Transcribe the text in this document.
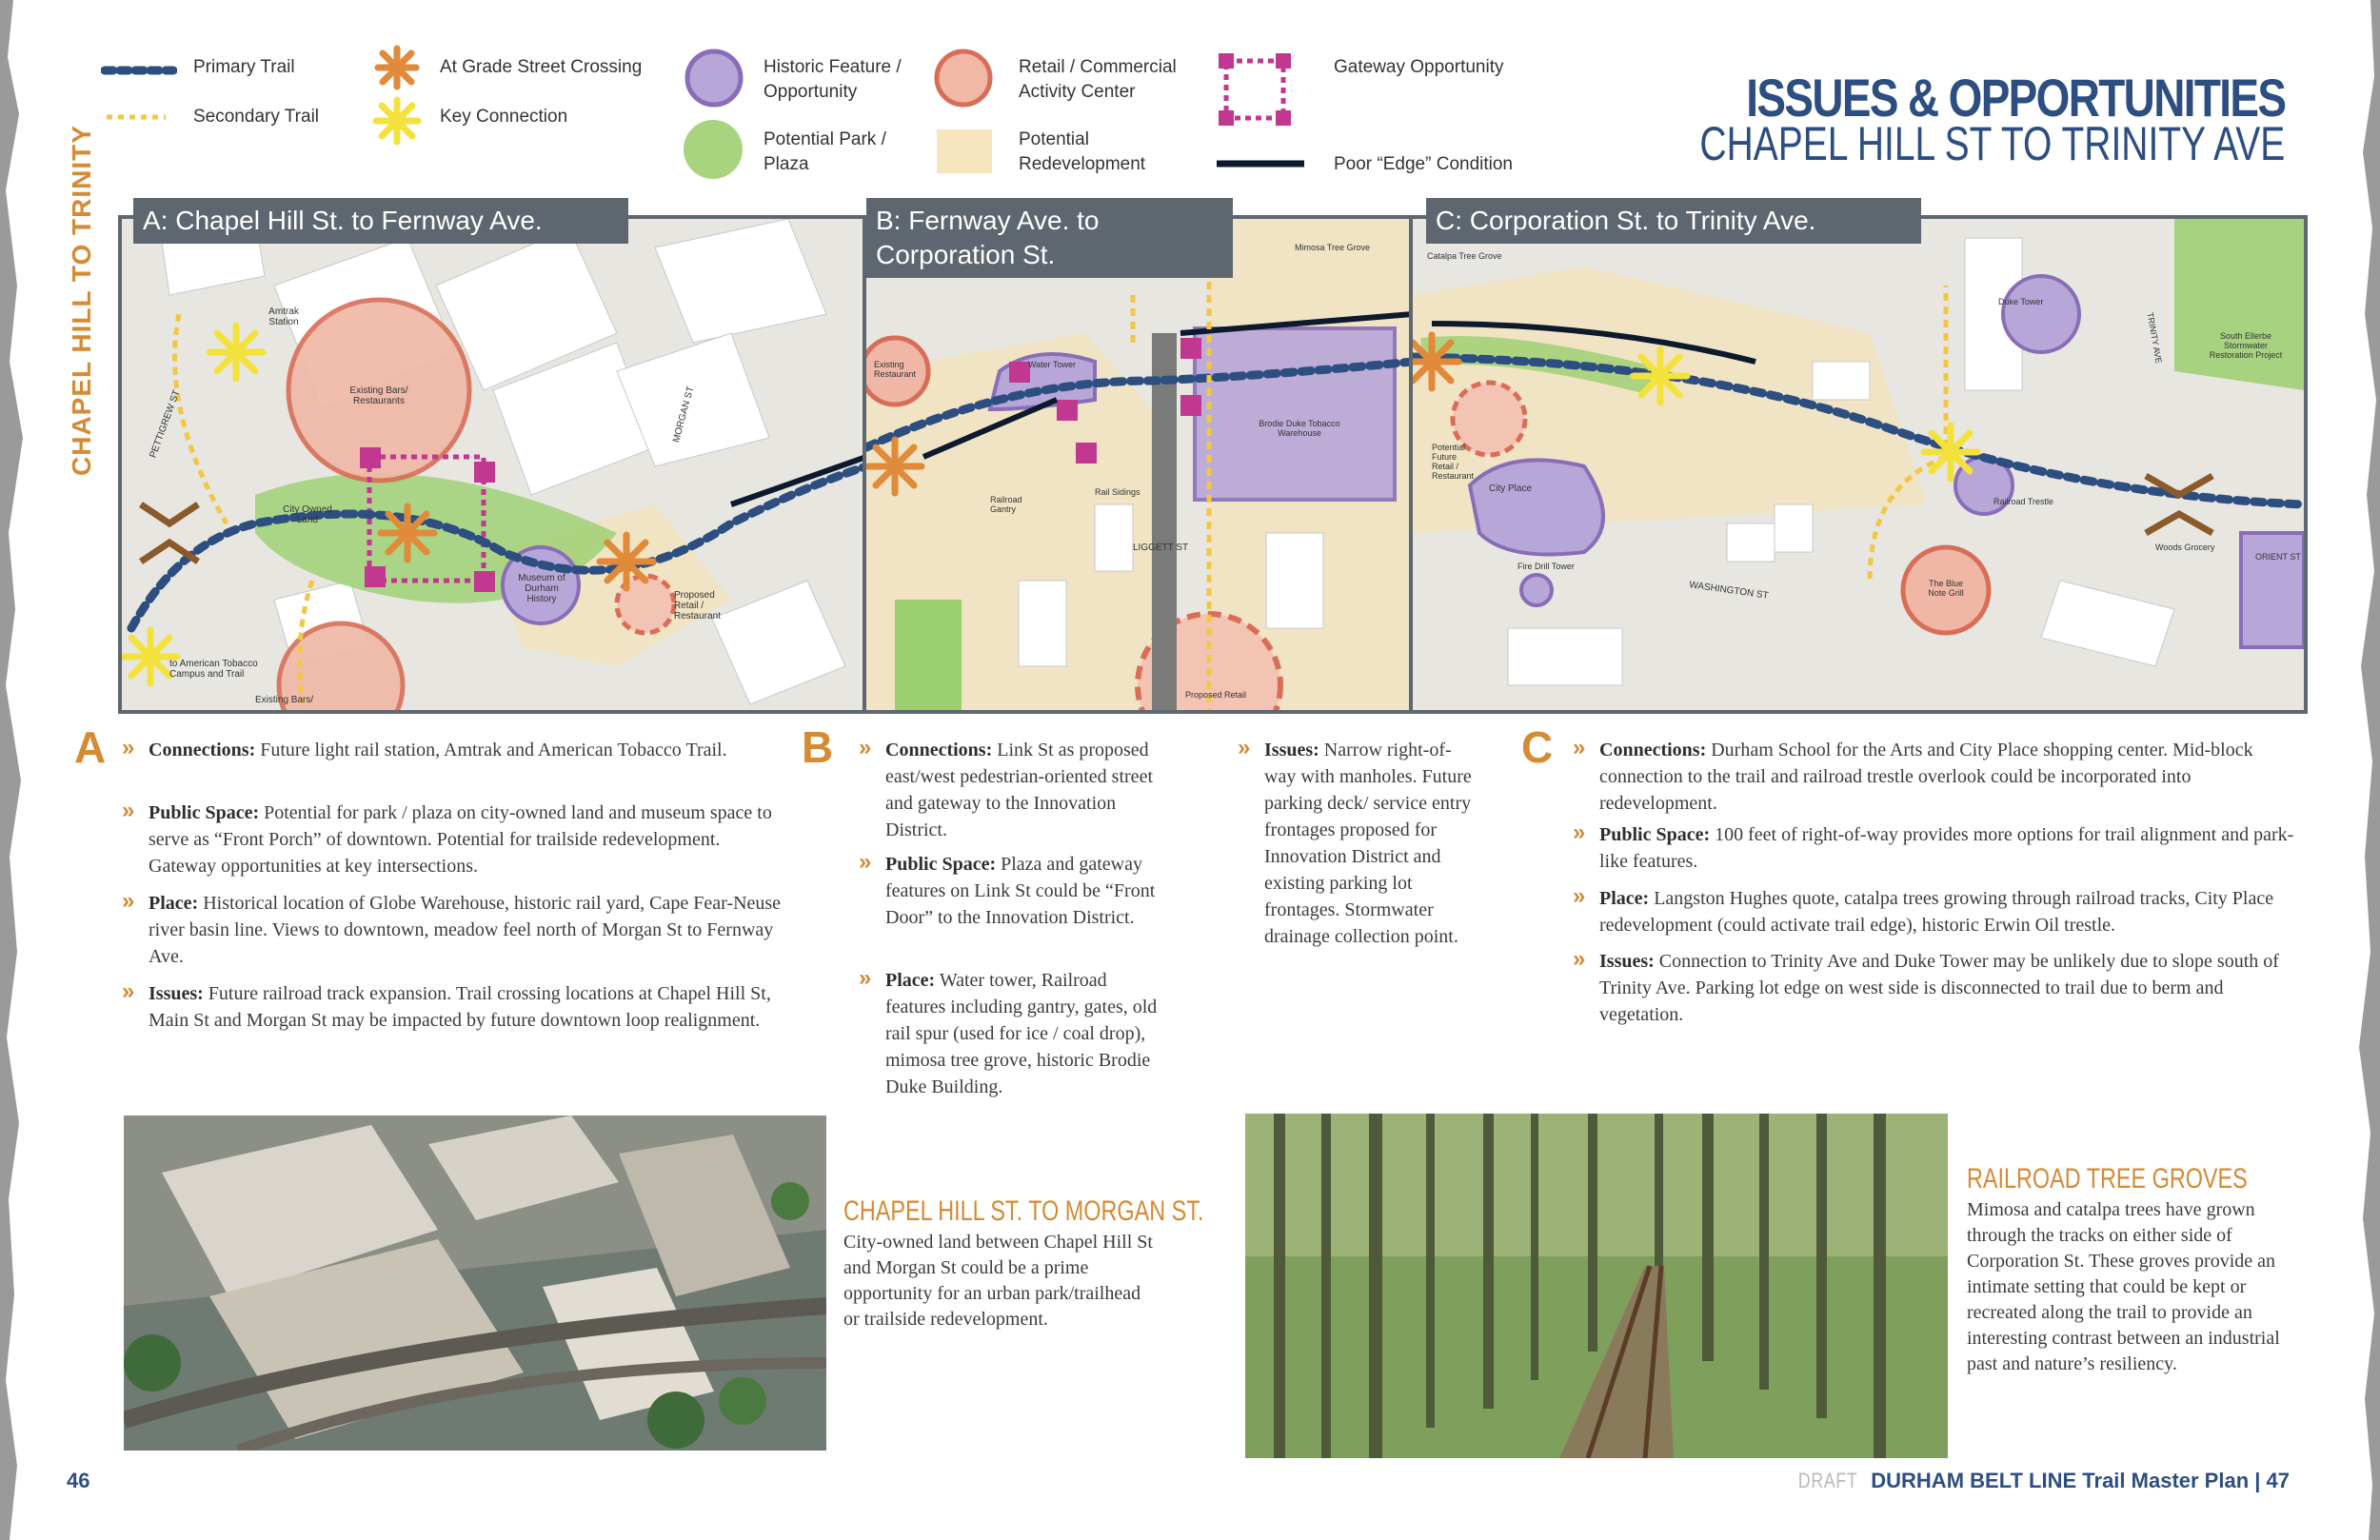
Primary Trail
Secondary Trail
At Grade Street Crossing
Key Connection
Historic Feature /
Opportunity
Potential Park /
Plaza
Retail / Commercial
Activity Center
Potential
Redevelopment
Gateway Opportunity
Poor “Edge” Condition
ISSUES & OPPORTUNITIES
CHAPEL HILL ST TO TRINITY AVE
CHAPEL HILL TO TRINITY	Amtrak Station
Existing Bars/ Restaurants
PETTIGREW ST
City Owned Land
Museum of Durham History	Proposed Retail / Restaurant
MORGAN ST
to American Tobacco Campus and Trail
Existing Bars/
A: Chapel Hill St. to Fernway Ave.
Existing Restaurant
Water Tower
Railroad Gantry
Rail Sidings
LIGGETT ST
Mimosa Tree Grove
Brodie Duke Tobacco Warehouse
Proposed Retail
B: Fernway Ave. to
Corporation St.	Catalpa Tree Grove
Potential Future Retail / Restaurant
City Place
Fire Drill Tower
WASHINGTON ST
Duke Tower
TRINITY AVE	South Ellerbe Stormwater Restoration Project
Railroad Trestle
Woods Grocery
The Blue Note Grill
ORIENT ST
C: Corporation St. to Trinity Ave.
A » Connections: Future light rail station, Amtrak and American Tobacco Trail.
» Public Space: Potential for park / plaza on city-owned land and museum space to serve as “Front Porch” of downtown. Potential for trailside redevelopment. Gateway opportunities at key intersections.
» Place: Historical location of Globe Warehouse, historic rail yard, Cape Fear-Neuse river basin line. Views to downtown, meadow feel north of Morgan St to Fernway Ave.
» Issues: Future railroad track expansion. Trail crossing locations at Chapel Hill St, Main St and Morgan St may be impacted by future downtown loop realignment.
B » Connections: Link St as proposed east/west pedestrian-oriented street and gateway to the Innovation District.
» Public Space: Plaza and gateway features on Link St could be “Front Door” to the Innovation District.
» Place: Water tower, Railroad features including gantry, gates, old rail spur (used for ice / coal drop), mimosa tree grove, historic Brodie Duke Building.
» Issues: Narrow right-of-way with manholes. Future parking deck/ service entry frontages proposed for Innovation District and existing parking lot frontages. Stormwater drainage collection point.
C » Connections: Durham School for the Arts and City Place shopping center. Mid-block connection to the trail and railroad trestle overlook could be incorporated into redevelopment.
» Public Space: 100 feet of right-of-way provides more options for trail alignment and park-like features.
» Place: Langston Hughes quote, catalpa trees growing through railroad tracks, City Place redevelopment (could activate trail edge), historic Erwin Oil trestle.
» Issues: Connection to Trinity Ave and Duke Tower may be unlikely due to slope south of Trinity Ave. Parking lot edge on west side is disconnected to trail due to berm and vegetation.
CHAPEL HILL ST. TO MORGAN ST.
City-owned land between Chapel Hill St and Morgan St could be a prime opportunity for an urban park/trailhead or trailside redevelopment.
RAILROAD TREE GROVES
Mimosa and catalpa trees have grown through the tracks on either side of Corporation St. These groves provide an intimate setting that could be kept or recreated along the trail to provide an interesting contrast between an industrial past and nature’s resiliency.
46	DRAFT DURHAM BELT LINE Trail Master Plan | 47
